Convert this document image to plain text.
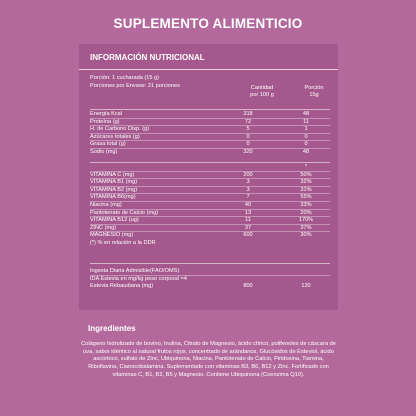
SUPLEMENTO ALIMENTICIO
INFORMACIÓN NUTRICIONAL
Porción: 1 cucharada (15 g)
Porciones por Envase: 21 porciones	Cantidad
por 100 g
Porción
15g
Energía Kcal	318	48
Proteína (g)	72	11
H. de Carbono Disp. (g)	5	1
Azúcares totales (g)	0	0
Grasa total (g)	0	0
Sodio (mg)	320	48
*
VITAMINA C (mg)	200	50%
VITAMINA B1 (mg)	3	32%
VITAMINA B2 (mg)	3	31%
VITAMINA B6(mg)	7	55%
Niacina (mg)	40	33%
Pantotenato de Calcio (mg)	13	20%
VITAMINA B12 (ug)	11	170%
ZINC (mg)	37	37%
MAGNESIO (mg)	600	30%
(*) % en relación a la DDR
Ingesta Diaria Admisible(FAO/OMS)
IDA Estevia en mg/kg peso corporal =4
Estevia Rebaudiana (mg)	800	120
Ingredientes
Colágeno hidrolizado de bovino, Inulina, Citrato de Magnesio, ácido cítrico, polifenoles de cáscara de uva, sabor idéntico al natural frutos rojos, concentrado de arándanos, Glucósidos de Esteviol, ácido ascórbico, sulfato de Zinc, Ubiquinona, Niacina, Pantotenato de Calcio, Piridoxina, Tiamina, Riboflavina, Cianocobalamina. Suplementado con vitaminas B3, B6, B12 y Zinc. Fortificado con vitaminas C, B1, B2, B5 y Magnesio. Contiene Ubiquinona (Coenzima Q10).
